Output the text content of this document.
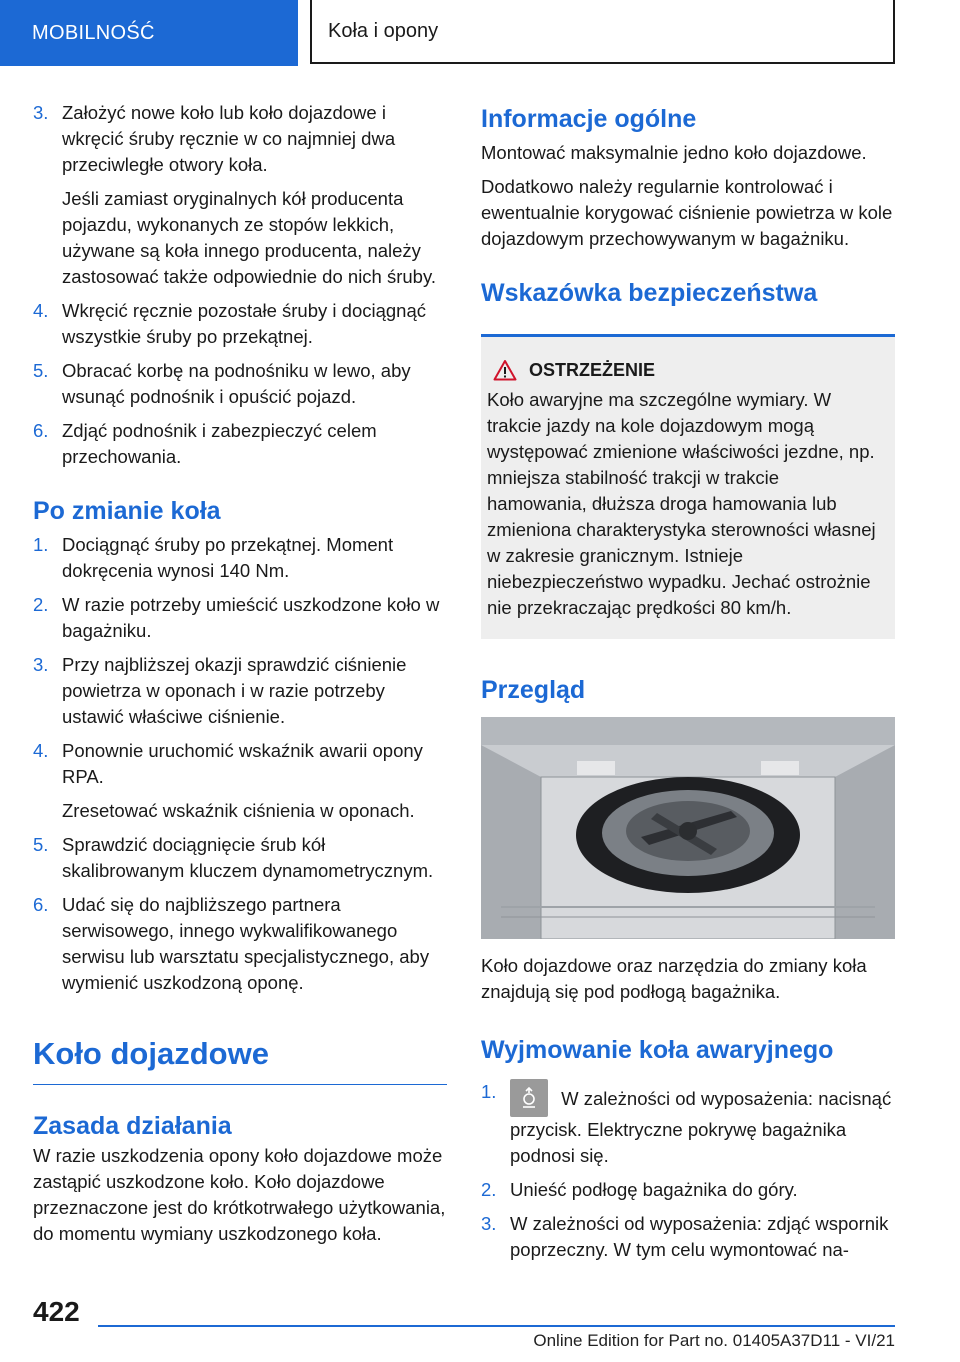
MOBILNOŚĆ	Koła i opony
3. Założyć nowe koło lub koło dojazdowe i wkręcić śruby ręcznie w co najmniej dwa przeciwległe otwory koła.
Jeśli zamiast oryginalnych kół producenta pojazdu, wykonanych ze stopów lekkich, używane są koła innego producenta, należy zastosować także odpowiednie do nich śruby.
4. Wkręcić ręcznie pozostałe śruby i dociągnąć wszystkie śruby po przekątnej.
5. Obracać korbę na podnośniku w lewo, aby wsunąć podnośnik i opuścić pojazd.
6. Zdjąć podnośnik i zabezpieczyć celem przechowania.
Po zmianie koła
1. Dociągnąć śruby po przekątnej. Moment dokręcenia wynosi 140 Nm.
2. W razie potrzeby umieścić uszkodzone koło w bagażniku.
3. Przy najbliższej okazji sprawdzić ciśnienie powietrza w oponach i w razie potrzeby ustawić właściwe ciśnienie.
4. Ponownie uruchomić wskaźnik awarii opony RPA.
Zresetować wskaźnik ciśnienia w oponach.
5. Sprawdzić dociągnięcie śrub kół skalibrowanym kluczem dynamometrycznym.
6. Udać się do najbliższego partnera serwisowego, innego wykwalifikowanego serwisu lub warsztatu specjalistycznego, aby wymienić uszkodzoną oponę.
Koło dojazdowe
Zasada działania

W razie uszkodzenia opony koło dojazdowe może zastąpić uszkodzone koło. Koło dojazdowe przeznaczone jest do krótkotrwałego użytkowania, do momentu wymiany uszkodzonego koła.

Informacje ogólne

Montować maksymalnie jedno koło dojazdowe.

Dodatkowo należy regularnie kontrolować i ewentualnie korygować ciśnienie powietrza w kole dojazdowym przechowywanym w bagażniku.

Wskazówka bezpieczeństwa
OSTRZEŻENIE

Koło awaryjne ma szczególne wymiary. W trakcie jazdy na kole dojazdowym mogą występować zmienione właściwości jezdne, np. mniejsza stabilność trakcji w trakcie hamowania, dłuższa droga hamowania lub zmieniona charakterystyka sterowności własnej w zakresie granicznym. Istnieje niebezpieczeństwo wypadku. Jechać ostrożnie nie przekraczając prędkości 80 km/h.

Przegląd

Koło dojazdowe oraz narzędzia do zmiany koła znajdują się pod podłogą bagażnika.

Wyjmowanie koła awaryjnego
1.	W zależności od wyposażenia: nacisnąć przycisk. Elektryczne pokrywę bagażnika podnosi się.
2. Unieść podłogę bagażnika do góry.
3. W zależności od wyposażenia: zdjąć wspornik poprzeczny. W tym celu wymontować na-
422
Online Edition for Part no. 01405A37D11 - VI/21
